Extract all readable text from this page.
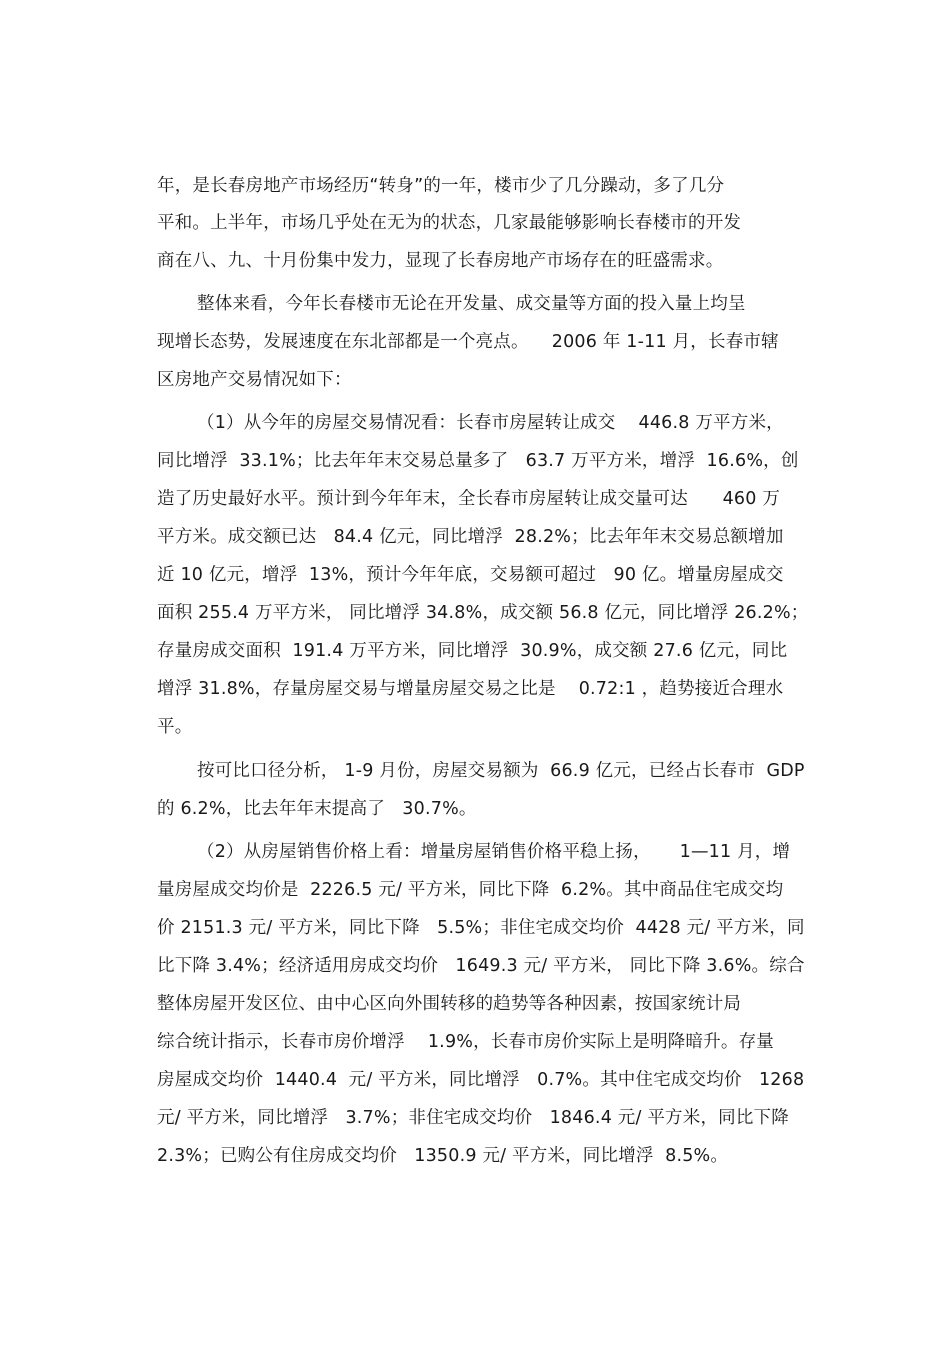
年，是长春房地产市场经历“转身”的一年，楼市少了几分躁动，多了几分
平和。上半年，市场几乎处在无为的状态，几家最能够影响长春楼市的开发
商在八、九、十月份集中发力，显现了长春房地产市场存在的旺盛需求。
整体来看，今年长春楼市无论在开发量、成交量等方面的投入量上均呈
现增长态势，发展速度在东北部都是一个亮点。    2006 年 1-11 月，长春市辖
区房地产交易情况如下：
（1）从今年的房屋交易情况看：长春市房屋转让成交    446.8 万平方米，
同比增浮  33.1%；比去年年末交易总量多了   63.7 万平方米，增浮  16.6%，创
造了历史最好水平。预计到今年年末，全长春市房屋转让成交量可达      460 万
平方米。成交额已达   84.4 亿元，同比增浮  28.2%；比去年年末交易总额增加
近 10 亿元，增浮  13%，预计今年年底，交易额可超过   90 亿。增量房屋成交
面积 255.4 万平方米， 同比增浮 34.8%，成交额 56.8 亿元，同比增浮 26.2%；
存量房成交面积  191.4 万平方米，同比增浮  30.9%，成交额 27.6 亿元，同比
增浮 31.8%，存量房屋交易与增量房屋交易之比是    0.72:1 ，趋势接近合理水
平。
按可比口径分析， 1-9 月份，房屋交易额为  66.9 亿元，已经占长春市  GDP
的 6.2%，比去年年末提高了   30.7%。
（2）从房屋销售价格上看：增量房屋销售价格平稳上扬，     1—11 月，增
量房屋成交均价是  2226.5 元/ 平方米，同比下降  6.2%。其中商品住宅成交均
价 2151.3 元/ 平方米，同比下降   5.5%；非住宅成交均价  4428 元/ 平方米，同
比下降 3.4%；经济适用房成交均价   1649.3 元/ 平方米， 同比下降 3.6%。综合
整体房屋开发区位、由中心区向外围转移的趋势等各种因素，按国家统计局
综合统计指示，长春市房价增浮    1.9%，长春市房价实际上是明降暗升。存量
房屋成交均价  1440.4  元/ 平方米，同比增浮   0.7%。其中住宅成交均价   1268
元/ 平方米，同比增浮   3.7%；非住宅成交均价   1846.4 元/ 平方米，同比下降
2.3%；已购公有住房成交均价   1350.9 元/ 平方米，同比增浮  8.5%。
